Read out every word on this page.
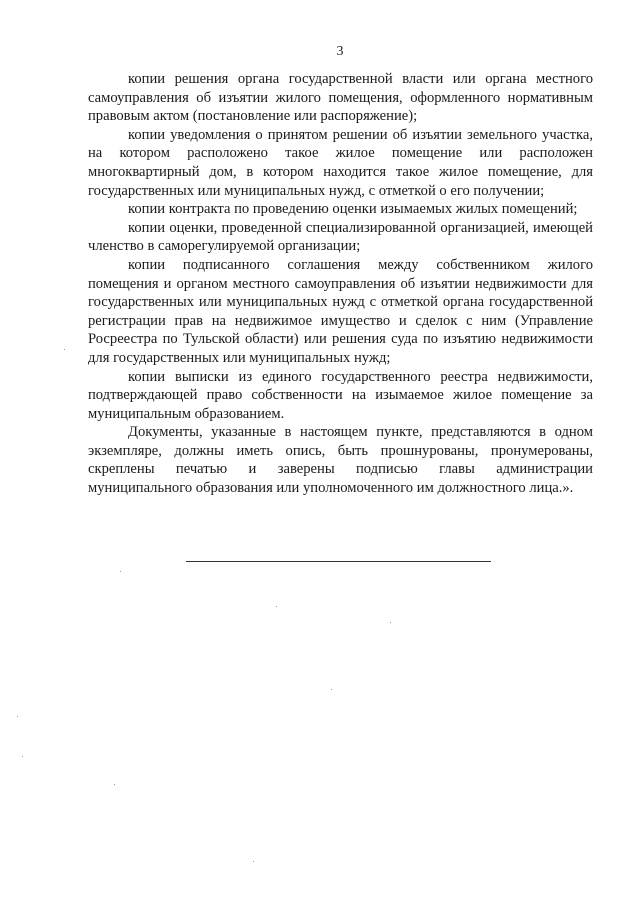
3

копии решения органа государственной власти или органа местного самоуправления об изъятии жилого помещения, оформленного нормативным правовым актом (постановление или распоряжение);

копии уведомления о принятом решении об изъятии земельного участка, на котором расположено такое жилое помещение или расположен многоквартирный дом, в котором находится такое жилое помещение, для государственных или муниципальных нужд, с отметкой о его получении;

копии контракта по проведению оценки изымаемых жилых помещений;

копии оценки, проведенной специализированной организацией, имеющей членство в саморегулируемой организации;

копии подписанного соглашения между собственником жилого помещения и органом местного самоуправления об изъятии недвижимости для государственных или муниципальных нужд с отметкой органа государственной регистрации прав на недвижимое имущество и сделок с ним (Управление Росреестра по Тульской области) или решения суда по изъятию недвижимости для государственных или муниципальных нужд;

копии выписки из единого государственного реестра недвижимости, подтверждающей право собственности на изымаемое жилое помещение за муниципальным образованием.

Документы, указанные в настоящем пункте, представляются в одном экземпляре, должны иметь опись, быть прошнурованы, пронумерованы, скреплены печатью и заверены подписью главы администрации муниципального образования или уполномоченного им должностного лица.».
